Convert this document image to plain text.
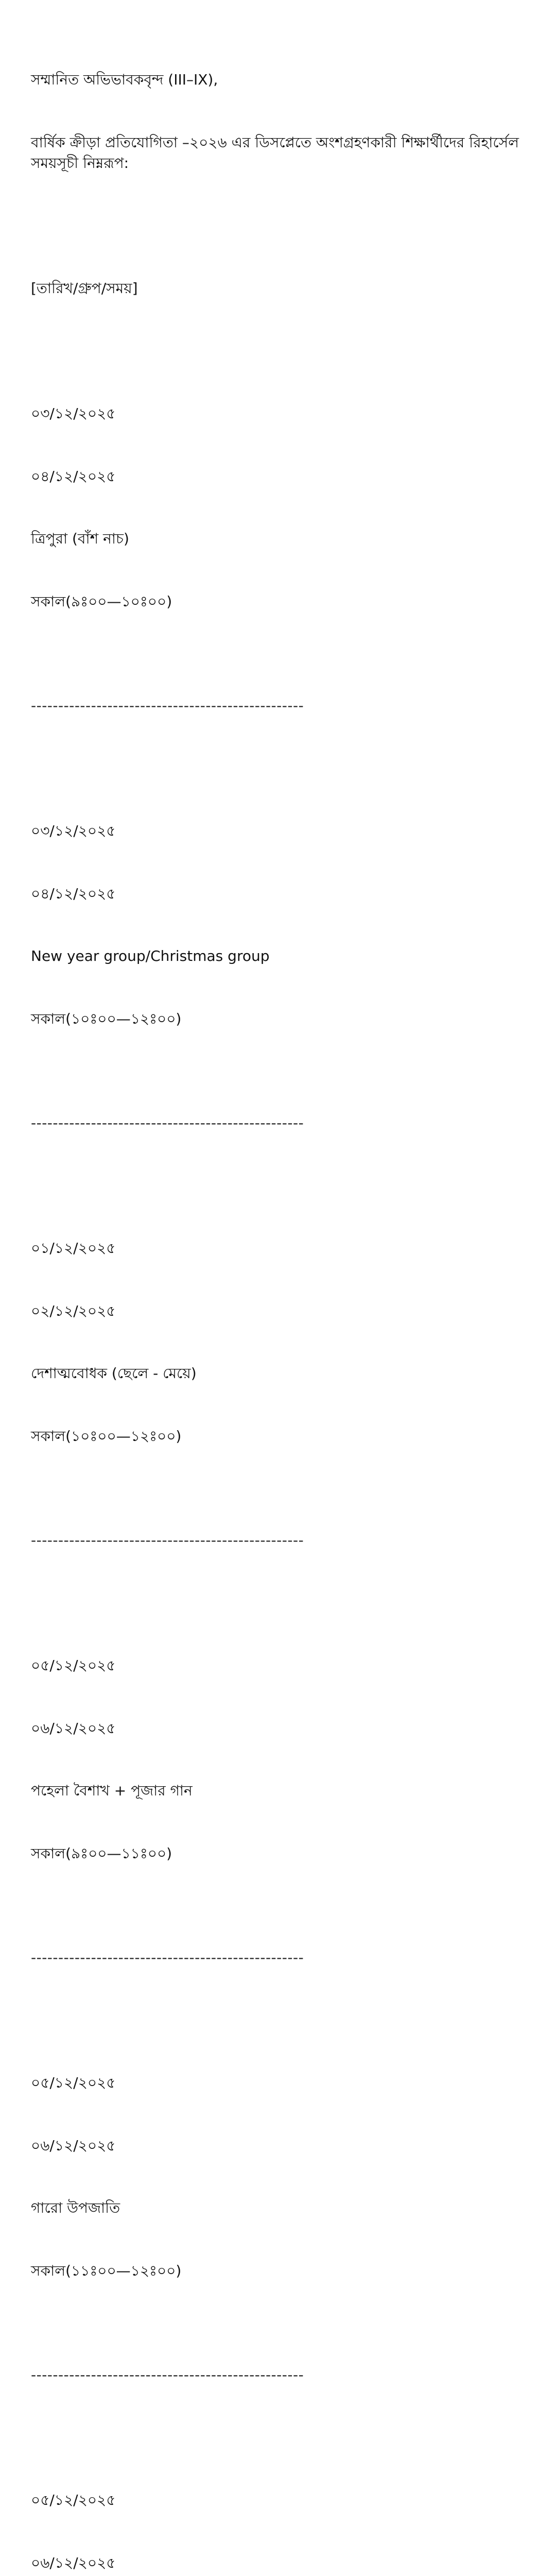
সম্মানিত অভিভাবকবৃন্দ (III–IX),

বার্ষিক ক্রীড়া প্রতিযোগিতা –২০২৬ এর ডিসপ্লেতে অংশগ্রহণকারী শিক্ষার্থীদের রিহার্সেল সময়সূচী নিম্নরূপ:

[তারিখ/গ্রুপ/সময়]

০৩/১২/২০২৫

০৪/১২/২০২৫

ত্রিপুরা (বাঁশ নাচ)

সকাল(৯ঃ০০—১০ঃ০০)

--------------------------------------------------

০৩/১২/২০২৫

০৪/১২/২০২৫

New year group/Christmas group

সকাল(১০ঃ০০—১২ঃ০০)

--------------------------------------------------

০১/১২/২০২৫

০২/১২/২০২৫

দেশাত্মবোধক (ছেলে - মেয়ে)

সকাল(১০ঃ০০—১২ঃ০০)

--------------------------------------------------

০৫/১২/২০২৫

০৬/১২/২০২৫

পহেলা বৈশাখ + পূজার গান

সকাল(৯ঃ০০—১১ঃ০০)

--------------------------------------------------

০৫/১২/২০২৫

০৬/১২/২০২৫

গারো উপজাতি

সকাল(১১ঃ০০—১২ঃ০০)

--------------------------------------------------

০৫/১২/২০২৫

০৬/১২/২০২৫
